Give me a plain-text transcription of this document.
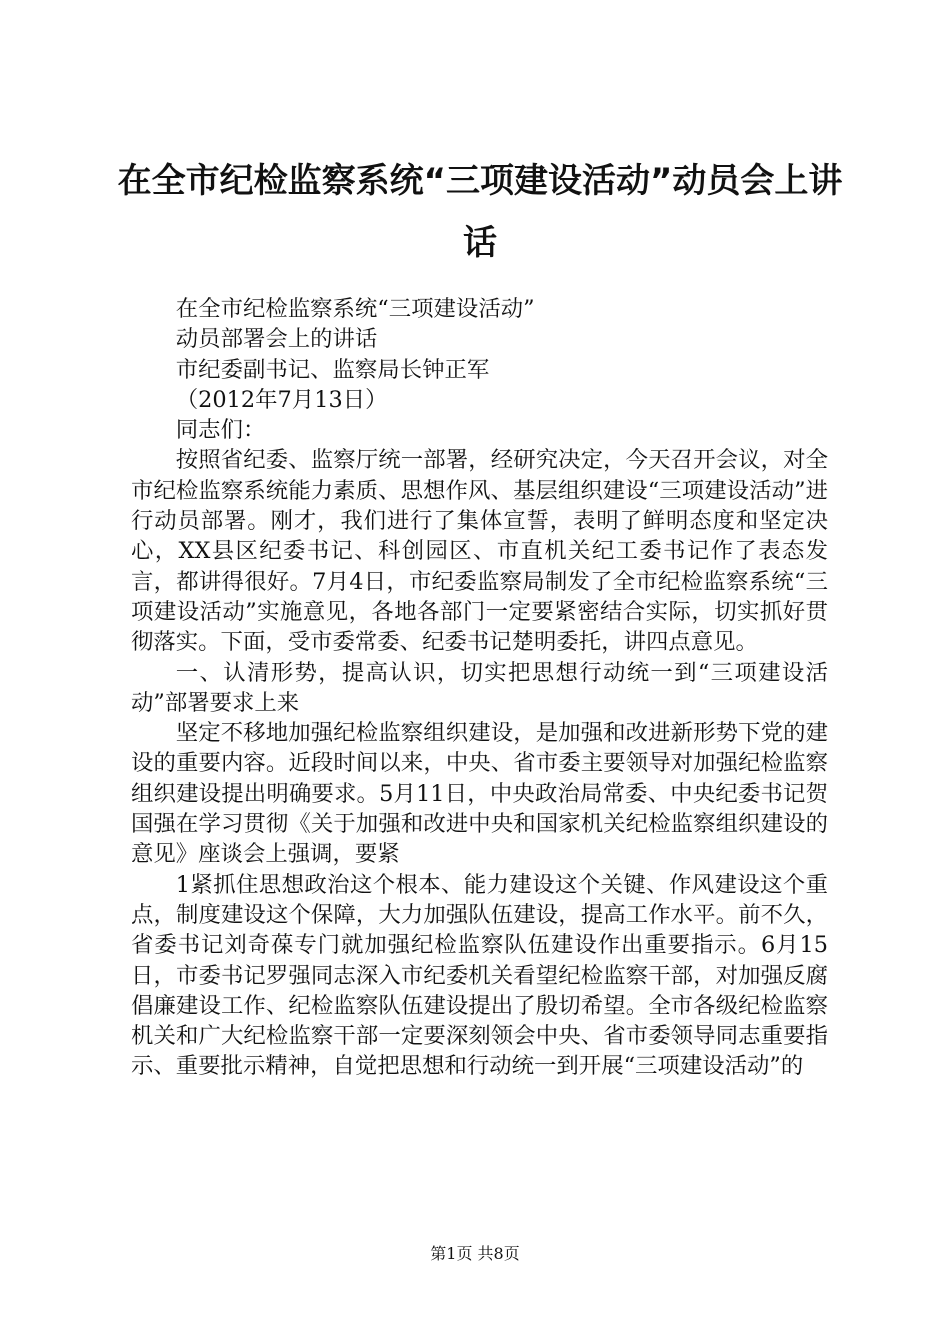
在全市纪检监察系统“三项建设活动”动员会上讲话

在全市纪检监察系统“三项建设活动”

动员部署会上的讲话

市纪委副书记、监察局长钟正军

（2012年7月13日）

同志们：

按照省纪委、监察厅统一部署，经研究决定，今天召开会议，对全市纪检监察系统能力素质、思想作风、基层组织建设“三项建设活动”进行动员部署。刚才，我们进行了集体宣誓，表明了鲜明态度和坚定决心，XX县区纪委书记、科创园区、市直机关纪工委书记作了表态发言，都讲得很好。7月4日，市纪委监察局制发了全市纪检监察系统“三项建设活动”实施意见，各地各部门一定要紧密结合实际，切实抓好贯彻落实。下面，受市委常委、纪委书记楚明委托，讲四点意见。

一、认清形势，提高认识，切实把思想行动统一到“三项建设活动”部署要求上来

坚定不移地加强纪检监察组织建设，是加强和改进新形势下党的建设的重要内容。近段时间以来，中央、省市委主要领导对加强纪检监察组织建设提出明确要求。5月11日，中央政治局常委、中央纪委书记贺国强在学习贯彻《关于加强和改进中央和国家机关纪检监察组织建设的意见》座谈会上强调，要紧

1紧抓住思想政治这个根本、能力建设这个关键、作风建设这个重点，制度建设这个保障，大力加强队伍建设，提高工作水平。前不久，省委书记刘奇葆专门就加强纪检监察队伍建设作出重要指示。6月15日，市委书记罗强同志深入市纪委机关看望纪检监察干部，对加强反腐倡廉建设工作、纪检监察队伍建设提出了殷切希望。全市各级纪检监察机关和广大纪检监察干部一定要深刻领会中央、省市委领导同志重要指示、重要批示精神，自觉把思想和行动统一到开展“三项建设活动”的

第1页 共8页
